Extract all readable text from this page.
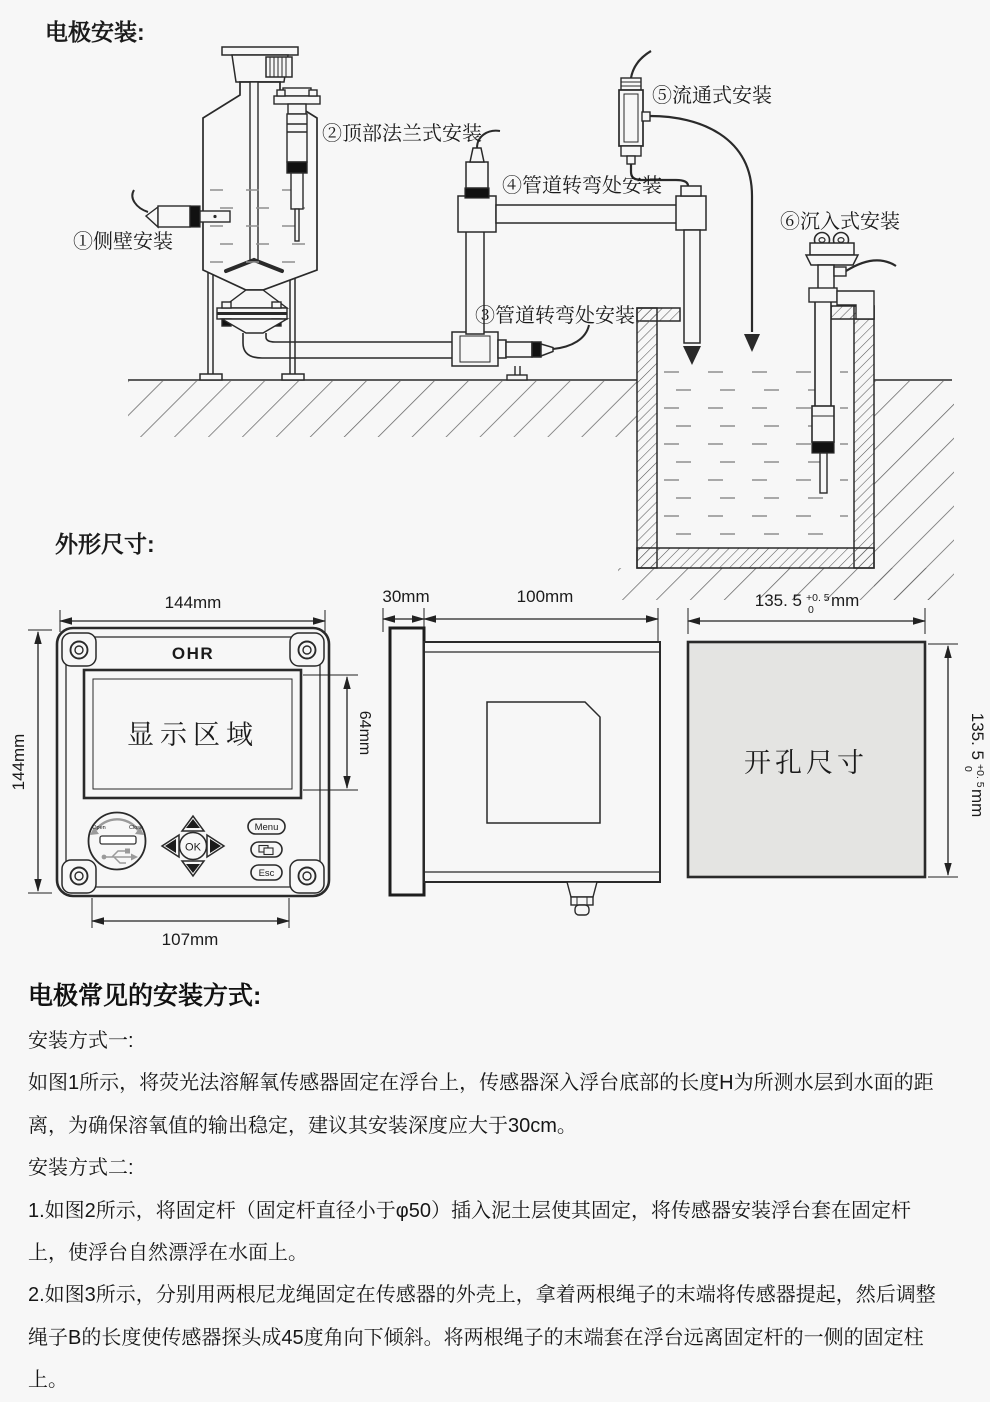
电极安装:
①侧壁安装
②顶部法兰式安装
③管道转弯处安装
④管道转弯处安装
⑤流通式安装
⑥沉入式安装
外形尺寸:
144mm
144mm
OHR
显示区域	64mm
Open	Close
OK
Menu
Esc
107mm
30mm	100mm	135. 5 +0. 5
0 mm
开孔尺寸
135. 5
+0. 5
0
mm
电极常见的安装方式:

安装方式一:

如图1所示，将荧光法溶解氧传感器固定在浮台上，传感器深入浮台底部的长度H为所测水层到水面的距离，为确保溶氧值的输出稳定，建议其安装深度应大于30cm。

安装方式二:

1.如图2所示，将固定杆（固定杆直径小于φ50）插入泥土层使其固定，将传感器安装浮台套在固定杆上，使浮台自然漂浮在水面上。

2.如图3所示，分别用两根尼龙绳固定在传感器的外壳上，拿着两根绳子的末端将传感器提起，然后调整绳子B的长度使传感器探头成45度角向下倾斜。将两根绳子的末端套在浮台远离固定杆的一侧的固定柱上。
